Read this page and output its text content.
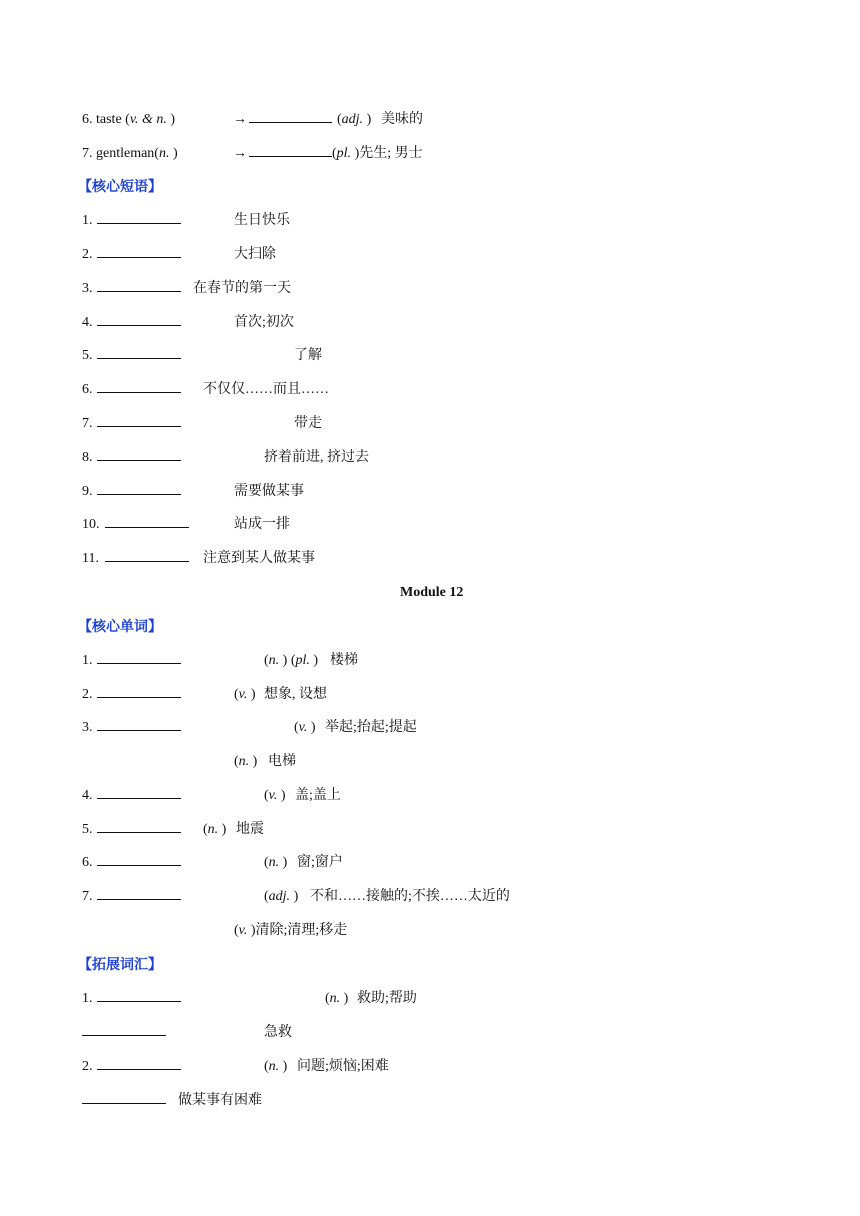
6. taste (v. & n. )	→	(adj. ) 美味的
7. gentleman(n. )	→	(pl. )先生; 男士
【核心短语】
1.	生日快乐
2.	大扫除
3.	在春节的第一天
4.	首次;初次
5.	了解
6.	不仅仅……而且……
7.	带走
8.	挤着前进, 挤过去
9.	需要做某事
10.	站成一排
11.	注意到某人做某事
Module 12
【核心单词】
1.	(n. ) (pl. ) 楼梯
2.	(v. ) 想象, 设想
3.	(v. ) 举起;抬起;提起
(n. ) 电梯
4.	(v. ) 盖;盖上
5.	(n. ) 地震
6.	(n. ) 窗;窗户
7.	(adj. ) 不和……接触的;不挨……太近的
(v. )清除;清理;移走
【拓展词汇】
1.	(n. ) 救助;帮助
急救
2.	(n. ) 问题;烦恼;困难
做某事有困难
